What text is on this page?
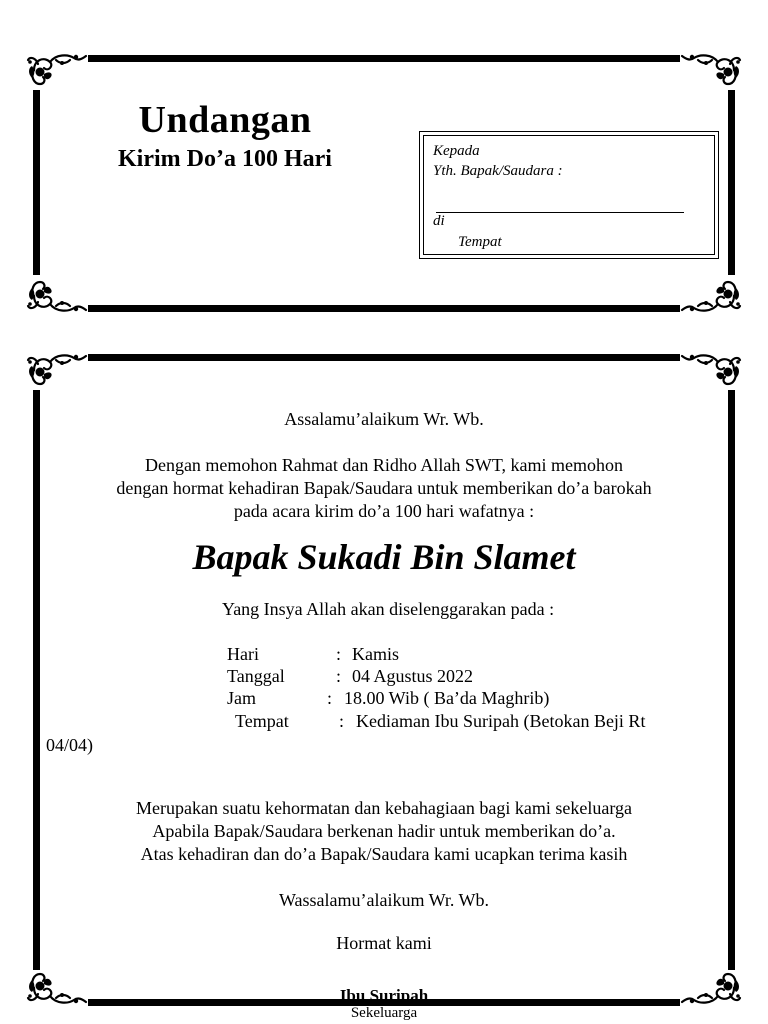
Undangan
Kirim Do’a 100 Hari	Kepada
Yth. Bapak/Saudara :
di
Tempat
Assalamu’alaikum Wr. Wb.
Dengan memohon Rahmat dan Ridho Allah SWT, kami memohon
dengan hormat kehadiran Bapak/Saudara untuk memberikan do’a barokah
pada acara kirim do’a 100 hari wafatnya :
Bapak Sukadi Bin Slamet
Yang Insya Allah akan diselenggarakan pada :
Hari	: Kamis
Tanggal	: 04 Agustus 2022
Jam	: 18.00 Wib ( Ba’da Maghrib)
Tempat	: Kediaman Ibu Suripah (Betokan Beji Rt
04/04)
Merupakan suatu kehormatan dan kebahagiaan bagi kami sekeluarga
Apabila Bapak/Saudara berkenan hadir untuk memberikan do’a.
Atas kehadiran dan do’a Bapak/Saudara kami ucapkan terima kasih
Wassalamu’alaikum Wr. Wb.
Hormat kami
Ibu Suripah
Sekeluarga
